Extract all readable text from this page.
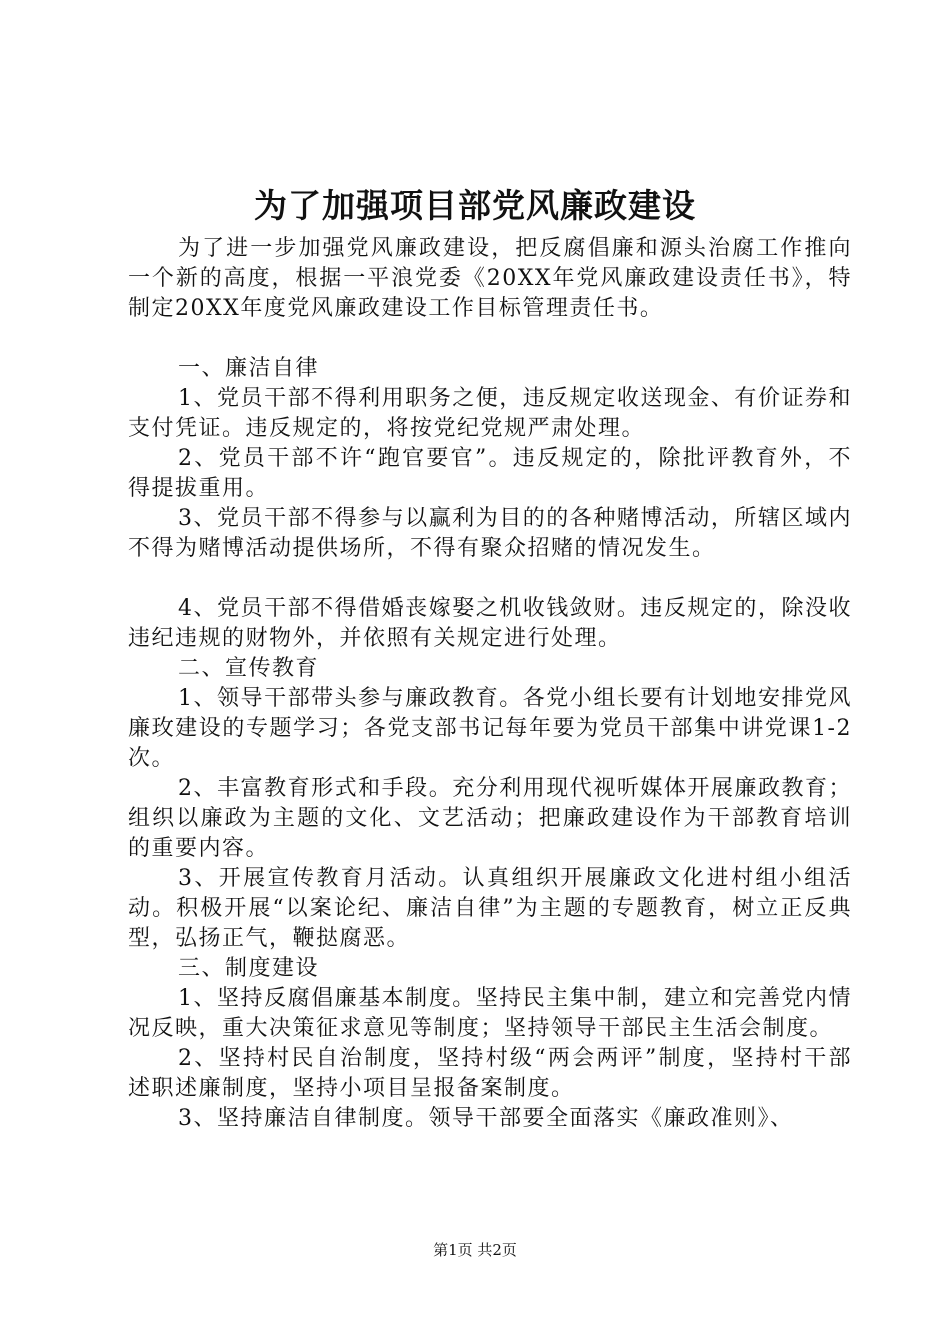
为了加强项目部党风廉政建设

为了进一步加强党风廉政建设，把反腐倡廉和源头治腐工作推向一个新的高度，根据一平浪党委《20XX年党风廉政建设责任书》，特制定20XX年度党风廉政建设工作目标管理责任书。

一、廉洁自律

1、党员干部不得利用职务之便，违反规定收送现金、有价证券和支付凭证。违反规定的，将按党纪党规严肃处理。

2、党员干部不许“跑官要官”。违反规定的，除批评教育外，不得提拔重用。

3、党员干部不得参与以赢利为目的的各种赌博活动，所辖区域内不得为赌博活动提供场所，不得有聚众招赌的情况发生。

4、党员干部不得借婚丧嫁娶之机收钱敛财。违反规定的，除没收违纪违规的财物外，并依照有关规定进行处理。

二、宣传教育

1、领导干部带头参与廉政教育。各党小组长要有计划地安排党风廉玫建设的专题学习；各党支部书记每年要为党员干部集中讲党课1-2次。

2、丰富教育形式和手段。充分利用现代视听媒体开展廉政教育；组织以廉政为主题的文化、文艺活动；把廉政建设作为干部教育培训的重要内容。

3、开展宣传教育月活动。认真组织开展廉政文化进村组小组活动。积极开展“以案论纪、廉洁自律”为主题的专题教育，树立正反典型，弘扬正气，鞭挞腐恶。

三、制度建设

1、坚持反腐倡廉基本制度。坚持民主集中制，建立和完善党内情况反映，重大决策征求意见等制度；坚持领导干部民主生活会制度。

2、坚持村民自治制度，坚持村级“两会两评”制度，坚持村干部述职述廉制度，坚持小项目呈报备案制度。

3、坚持廉洁自律制度。领导干部要全面落实《廉政准则》、

第1页 共2页
